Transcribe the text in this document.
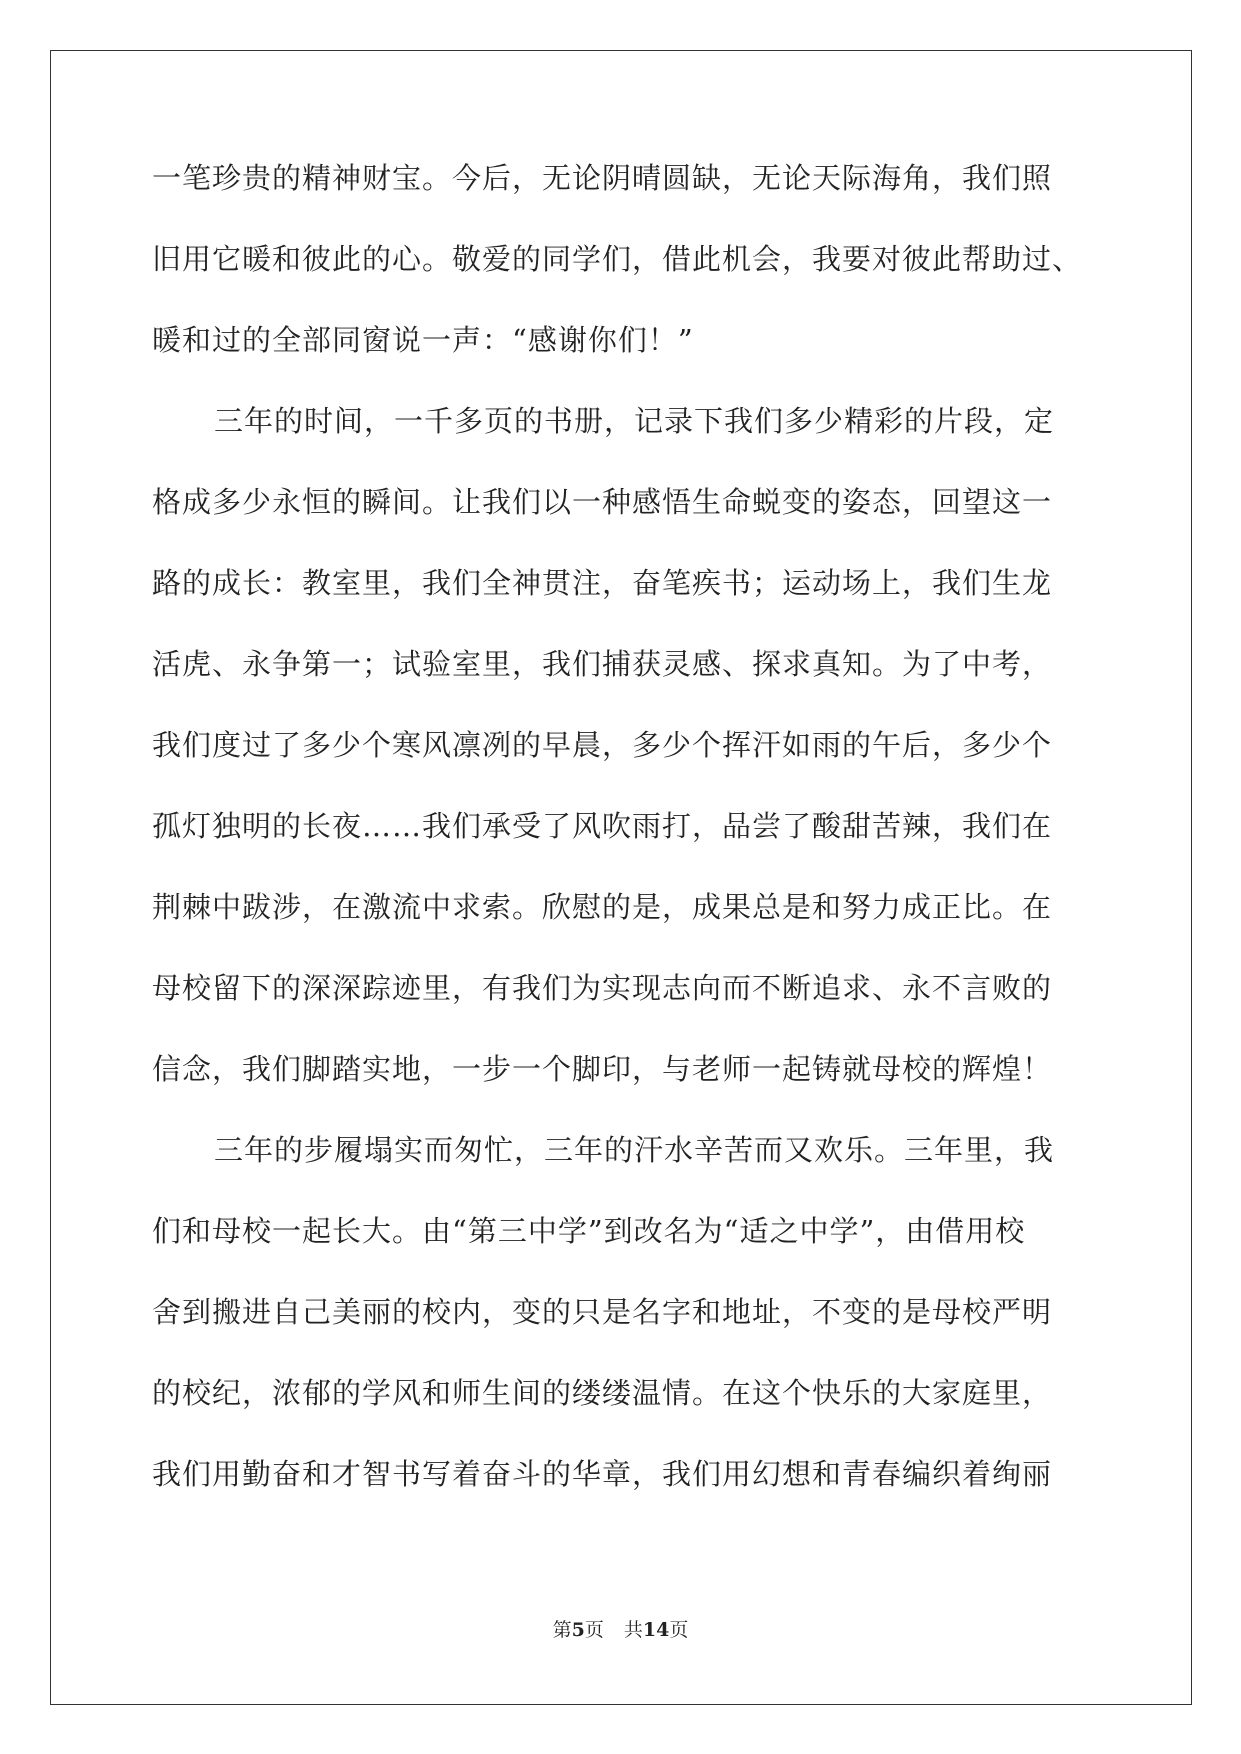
一笔珍贵的精神财宝。今后，无论阴晴圆缺，无论天际海角，我们照
旧用它暖和彼此的心。敬爱的同学们，借此机会，我要对彼此帮助过、
暖和过的全部同窗说一声：“感谢你们！”
三年的时间，一千多页的书册，记录下我们多少精彩的片段，定
格成多少永恒的瞬间。让我们以一种感悟生命蜕变的姿态，回望这一
路的成长：教室里，我们全神贯注，奋笔疾书；运动场上，我们生龙
活虎、永争第一；试验室里，我们捕获灵感、探求真知。为了中考，
我们度过了多少个寒风凛冽的早晨，多少个挥汗如雨的午后，多少个
孤灯独明的长夜……我们承受了风吹雨打，品尝了酸甜苦辣，我们在
荆棘中跋涉，在激流中求索。欣慰的是，成果总是和努力成正比。在
母校留下的深深踪迹里，有我们为实现志向而不断追求、永不言败的
信念，我们脚踏实地，一步一个脚印，与老师一起铸就母校的辉煌！
三年的步履塌实而匆忙，三年的汗水辛苦而又欢乐。三年里，我
们和母校一起长大。由“第三中学”到改名为“适之中学”，由借用校
舍到搬进自己美丽的校内，变的只是名字和地址，不变的是母校严明
的校纪，浓郁的学风和师生间的缕缕温情。在这个快乐的大家庭里，
我们用勤奋和才智书写着奋斗的华章，我们用幻想和青春编织着绚丽
第5页 共14页
